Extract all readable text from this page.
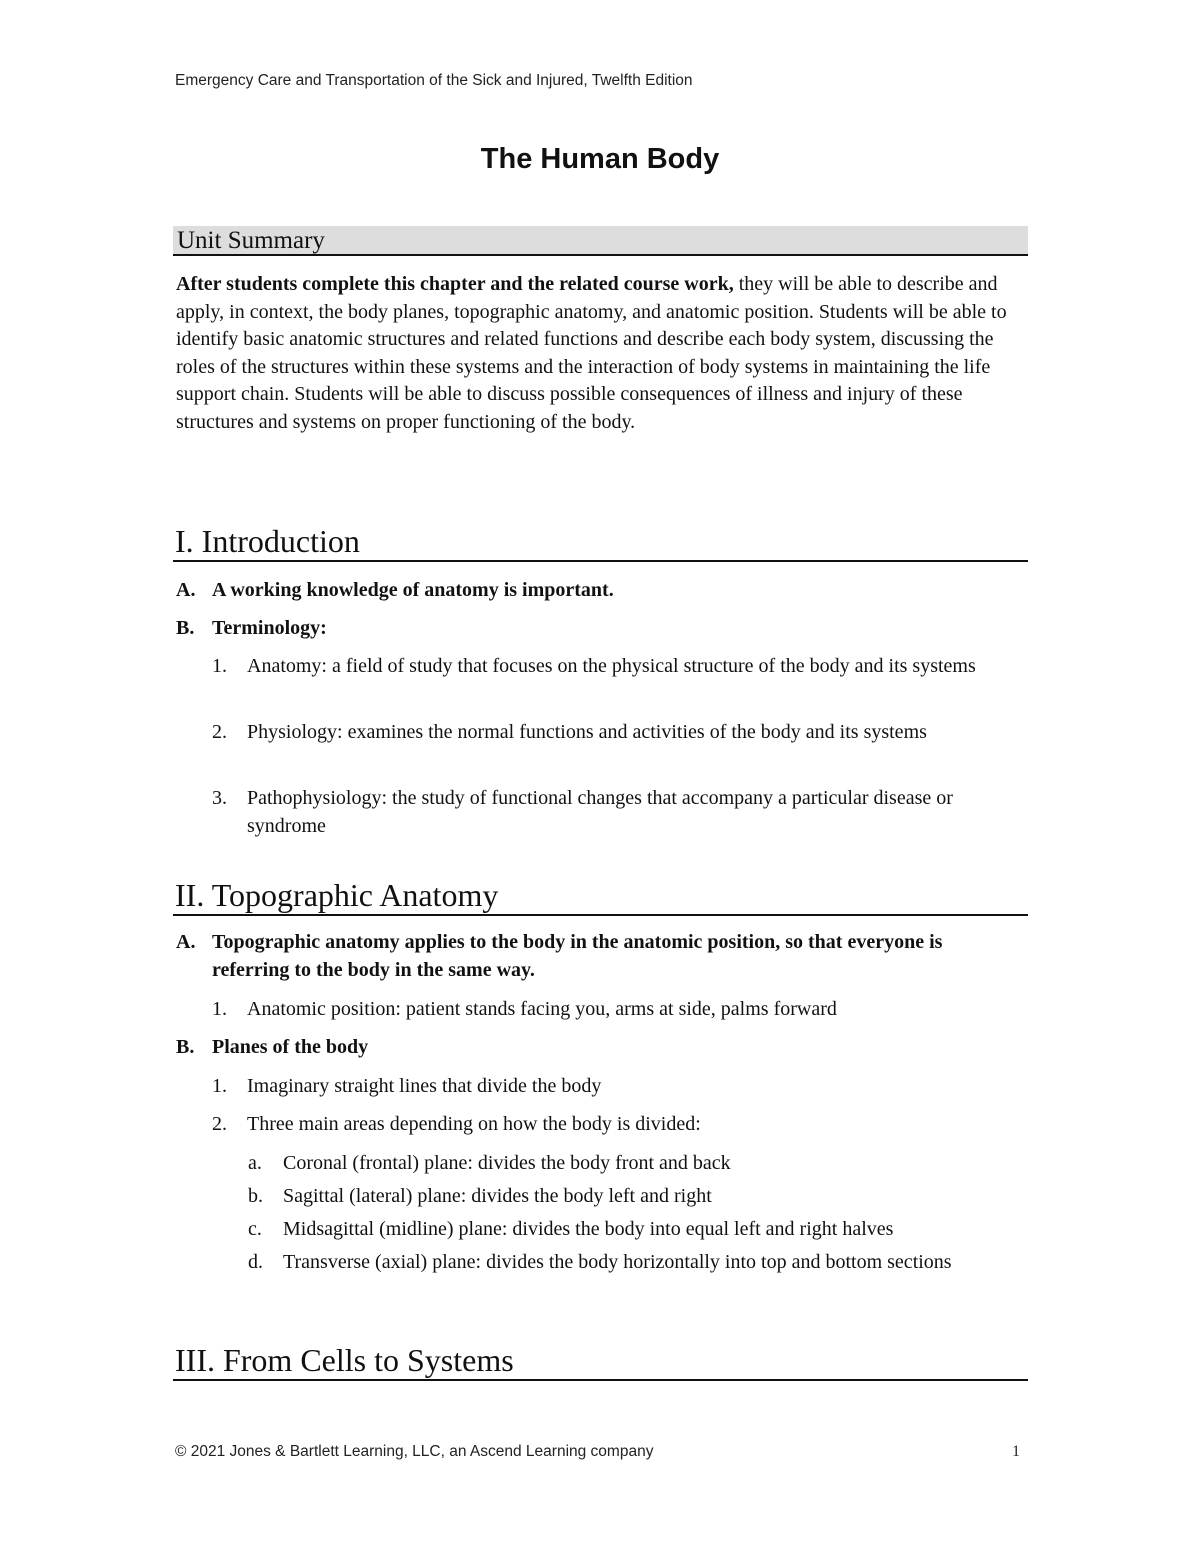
Emergency Care and Transportation of the Sick and Injured, Twelfth Edition
The Human Body
Unit Summary
After students complete this chapter and the related course work, they will be able to describe and apply, in context, the body planes, topographic anatomy, and anatomic position. Students will be able to identify basic anatomic structures and related functions and describe each body system, discussing the roles of the structures within these systems and the interaction of body systems in maintaining the life support chain. Students will be able to discuss possible consequences of illness and injury of these structures and systems on proper functioning of the body.
I. Introduction
A. A working knowledge of anatomy is important.
B. Terminology:
1. Anatomy: a field of study that focuses on the physical structure of the body and its systems
2. Physiology: examines the normal functions and activities of the body and its systems
3. Pathophysiology: the study of functional changes that accompany a particular disease or syndrome
II. Topographic Anatomy
A. Topographic anatomy applies to the body in the anatomic position, so that everyone is referring to the body in the same way.
1. Anatomic position: patient stands facing you, arms at side, palms forward
B. Planes of the body
1. Imaginary straight lines that divide the body
2. Three main areas depending on how the body is divided:
a. Coronal (frontal) plane: divides the body front and back
b. Sagittal (lateral) plane: divides the body left and right
c. Midsagittal (midline) plane: divides the body into equal left and right halves
d. Transverse (axial) plane: divides the body horizontally into top and bottom sections
III. From Cells to Systems
© 2021 Jones & Bartlett Learning, LLC, an Ascend Learning company	1
